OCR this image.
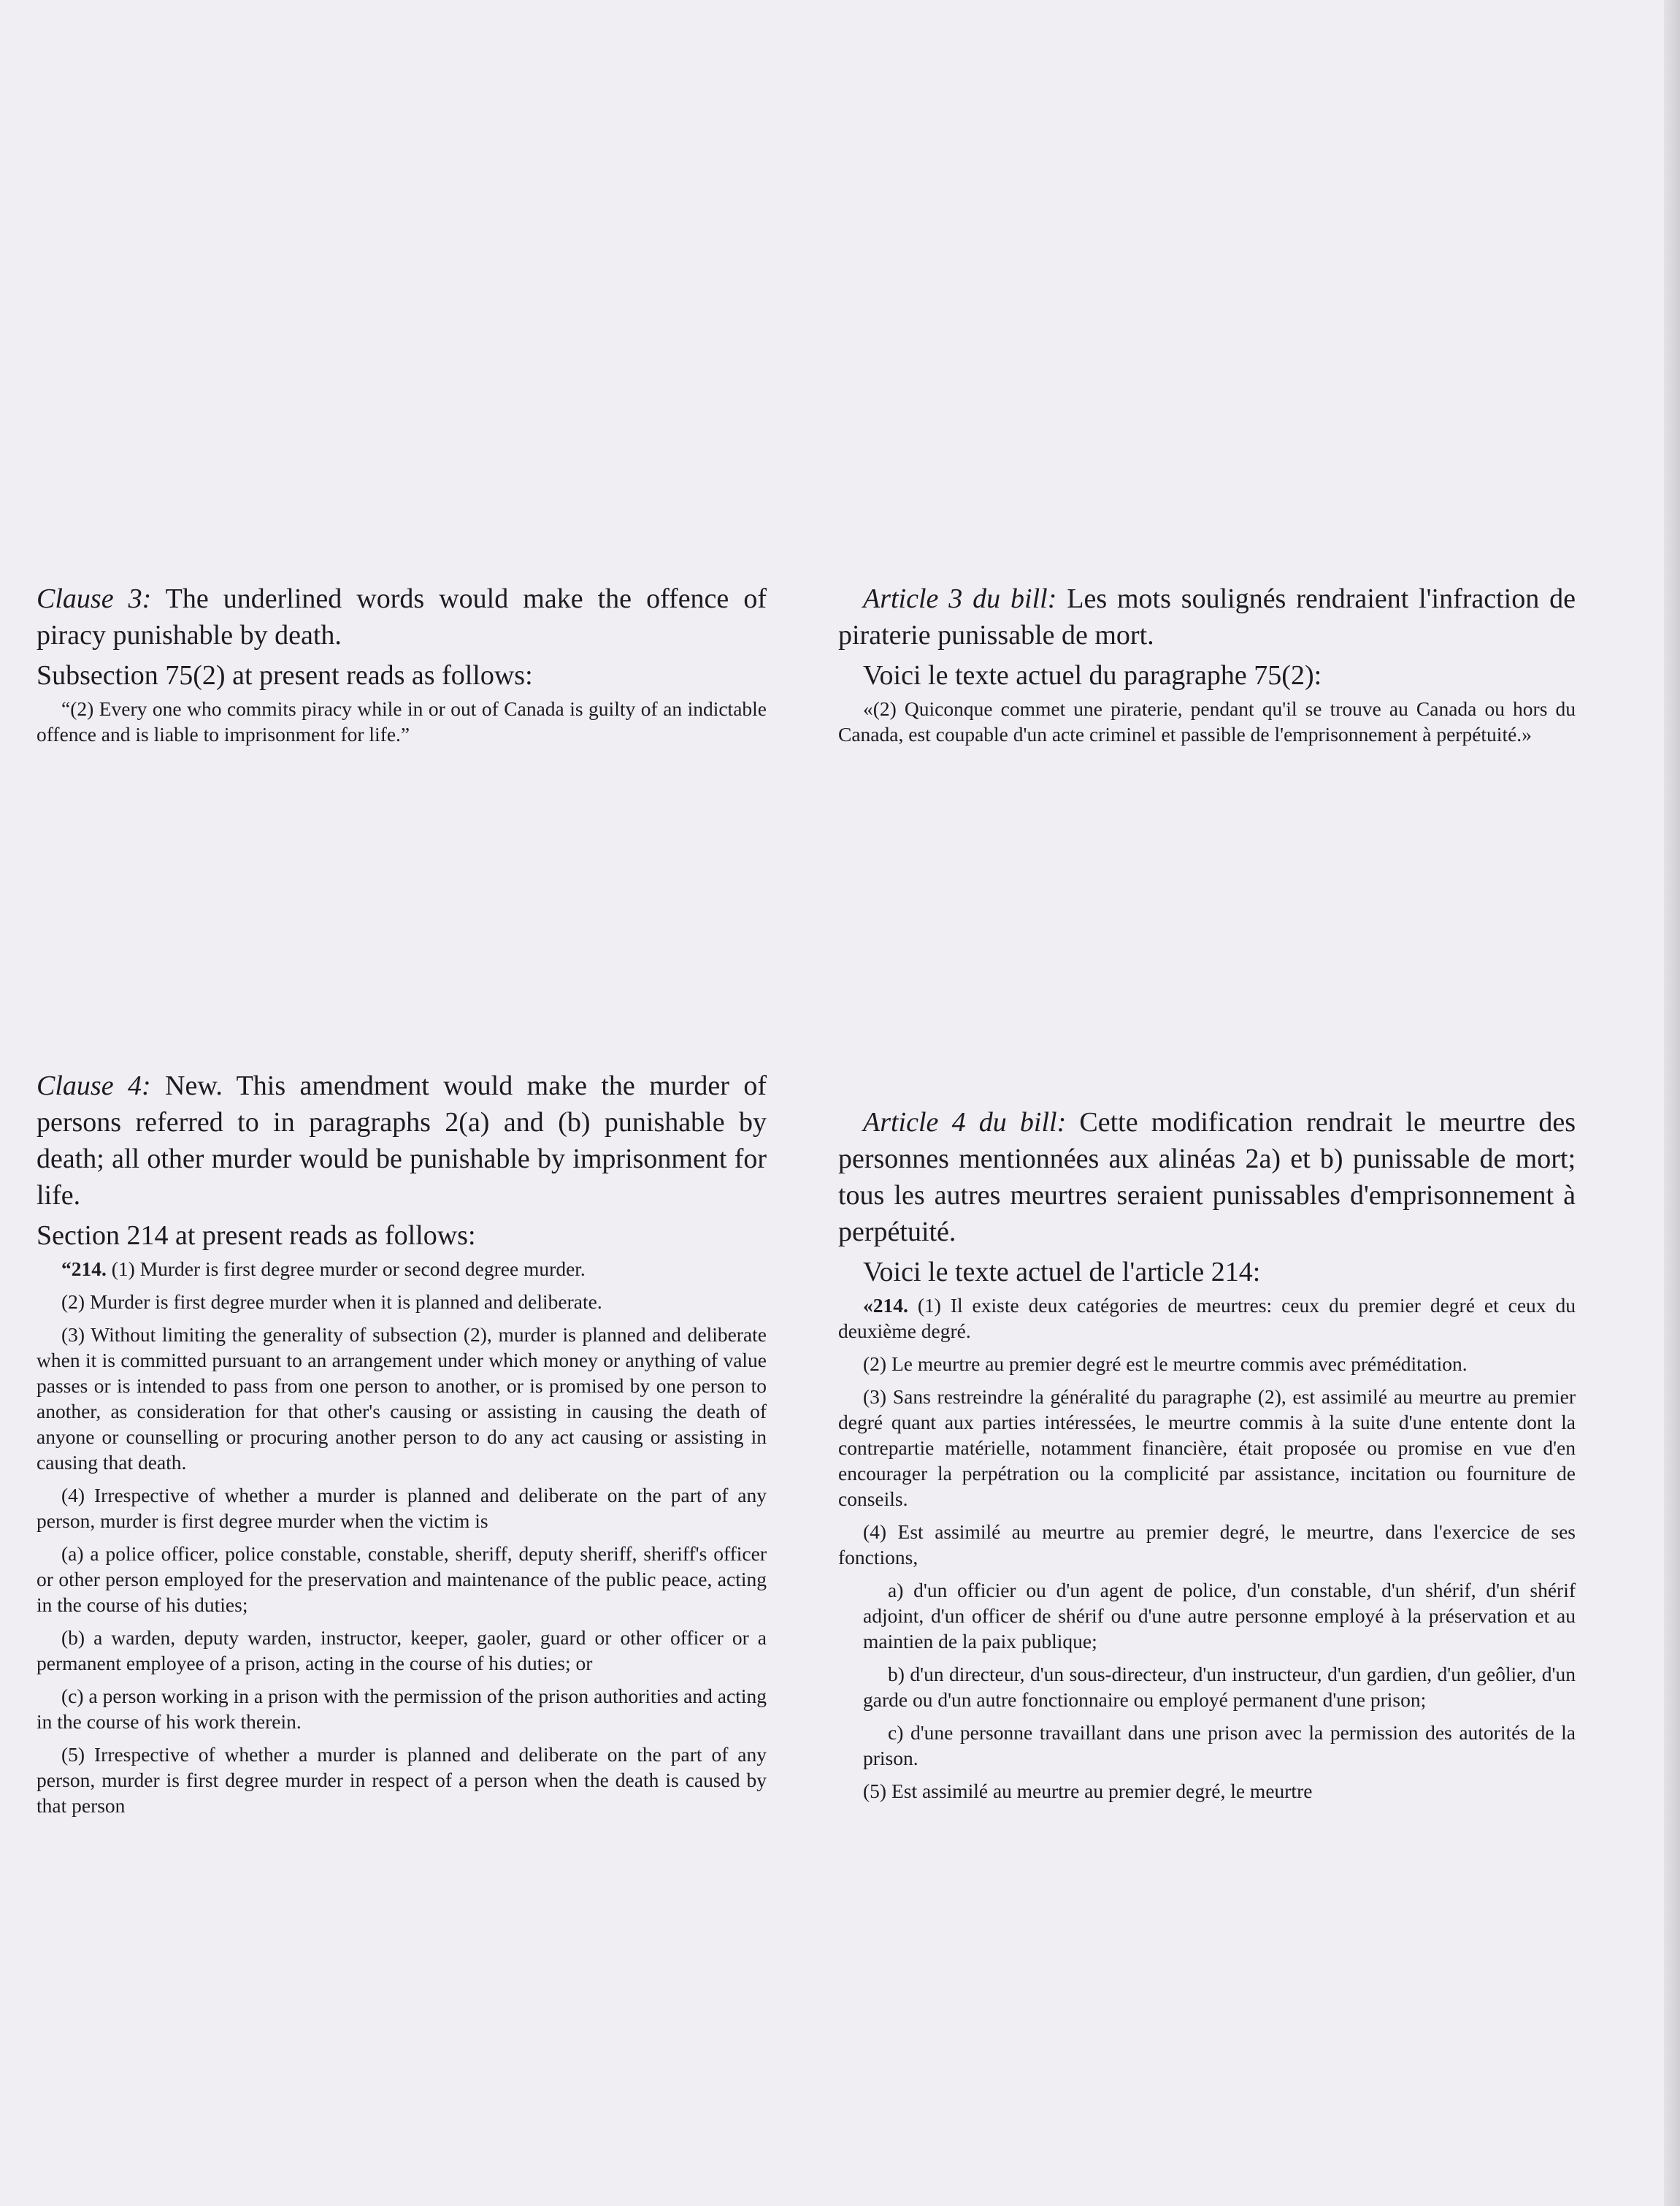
Clause 3: The underlined words would make the offence of piracy punishable by death.

Subsection 75(2) at present reads as follows:

“(2) Every one who commits piracy while in or out of Canada is guilty of an indictable offence and is liable to imprisonment for life.”

Clause 4: New. This amendment would make the murder of persons referred to in paragraphs 2(a) and (b) punishable by death; all other murder would be punishable by imprisonment for life.

Section 214 at present reads as follows:

“214. (1) Murder is first degree murder or second degree murder.

(2) Murder is first degree murder when it is planned and deliberate.

(3) Without limiting the generality of subsection (2), murder is planned and deliberate when it is committed pursuant to an arrangement under which money or anything of value passes or is intended to pass from one person to another, or is promised by one person to another, as consideration for that other's causing or assisting in causing the death of anyone or counselling or procuring another person to do any act causing or assisting in causing that death.

(4) Irrespective of whether a murder is planned and deliberate on the part of any person, murder is first degree murder when the victim is

(a) a police officer, police constable, constable, sheriff, deputy sheriff, sheriff's officer or other person employed for the preservation and maintenance of the public peace, acting in the course of his duties;

(b) a warden, deputy warden, instructor, keeper, gaoler, guard or other officer or a permanent employee of a prison, acting in the course of his duties; or

(c) a person working in a prison with the permission of the prison authorities and acting in the course of his work therein.

(5) Irrespective of whether a murder is planned and deliberate on the part of any person, murder is first degree murder in respect of a person when the death is caused by that person

Article 3 du bill: Les mots soulignés rendraient l'infraction de piraterie punissable de mort.

Voici le texte actuel du paragraphe 75(2):

«(2) Quiconque commet une piraterie, pendant qu'il se trouve au Canada ou hors du Canada, est coupable d'un acte criminel et passible de l'emprisonnement à perpétuité.»

Article 4 du bill: Cette modification rendrait le meurtre des personnes mentionnées aux alinéas 2a) et b) punissable de mort; tous les autres meurtres seraient punissables d'emprisonnement à perpétuité.

Voici le texte actuel de l'article 214:

«214. (1) Il existe deux catégories de meurtres: ceux du premier degré et ceux du deuxième degré.

(2) Le meurtre au premier degré est le meurtre commis avec préméditation.

(3) Sans restreindre la généralité du paragraphe (2), est assimilé au meurtre au premier degré quant aux parties intéressées, le meurtre commis à la suite d'une entente dont la contrepartie matérielle, notamment financière, était proposée ou promise en vue d'en encourager la perpétration ou la complicité par assistance, incitation ou fourniture de conseils.

(4) Est assimilé au meurtre au premier degré, le meurtre, dans l'exercice de ses fonctions,

a) d'un officier ou d'un agent de police, d'un constable, d'un shérif, d'un shérif adjoint, d'un officer de shérif ou d'une autre personne employé à la préservation et au maintien de la paix publique;

b) d'un directeur, d'un sous-directeur, d'un instructeur, d'un gardien, d'un geôlier, d'un garde ou d'un autre fonctionnaire ou employé permanent d'une prison;

c) d'une personne travaillant dans une prison avec la permission des autorités de la prison.

(5) Est assimilé au meurtre au premier degré, le meurtre
